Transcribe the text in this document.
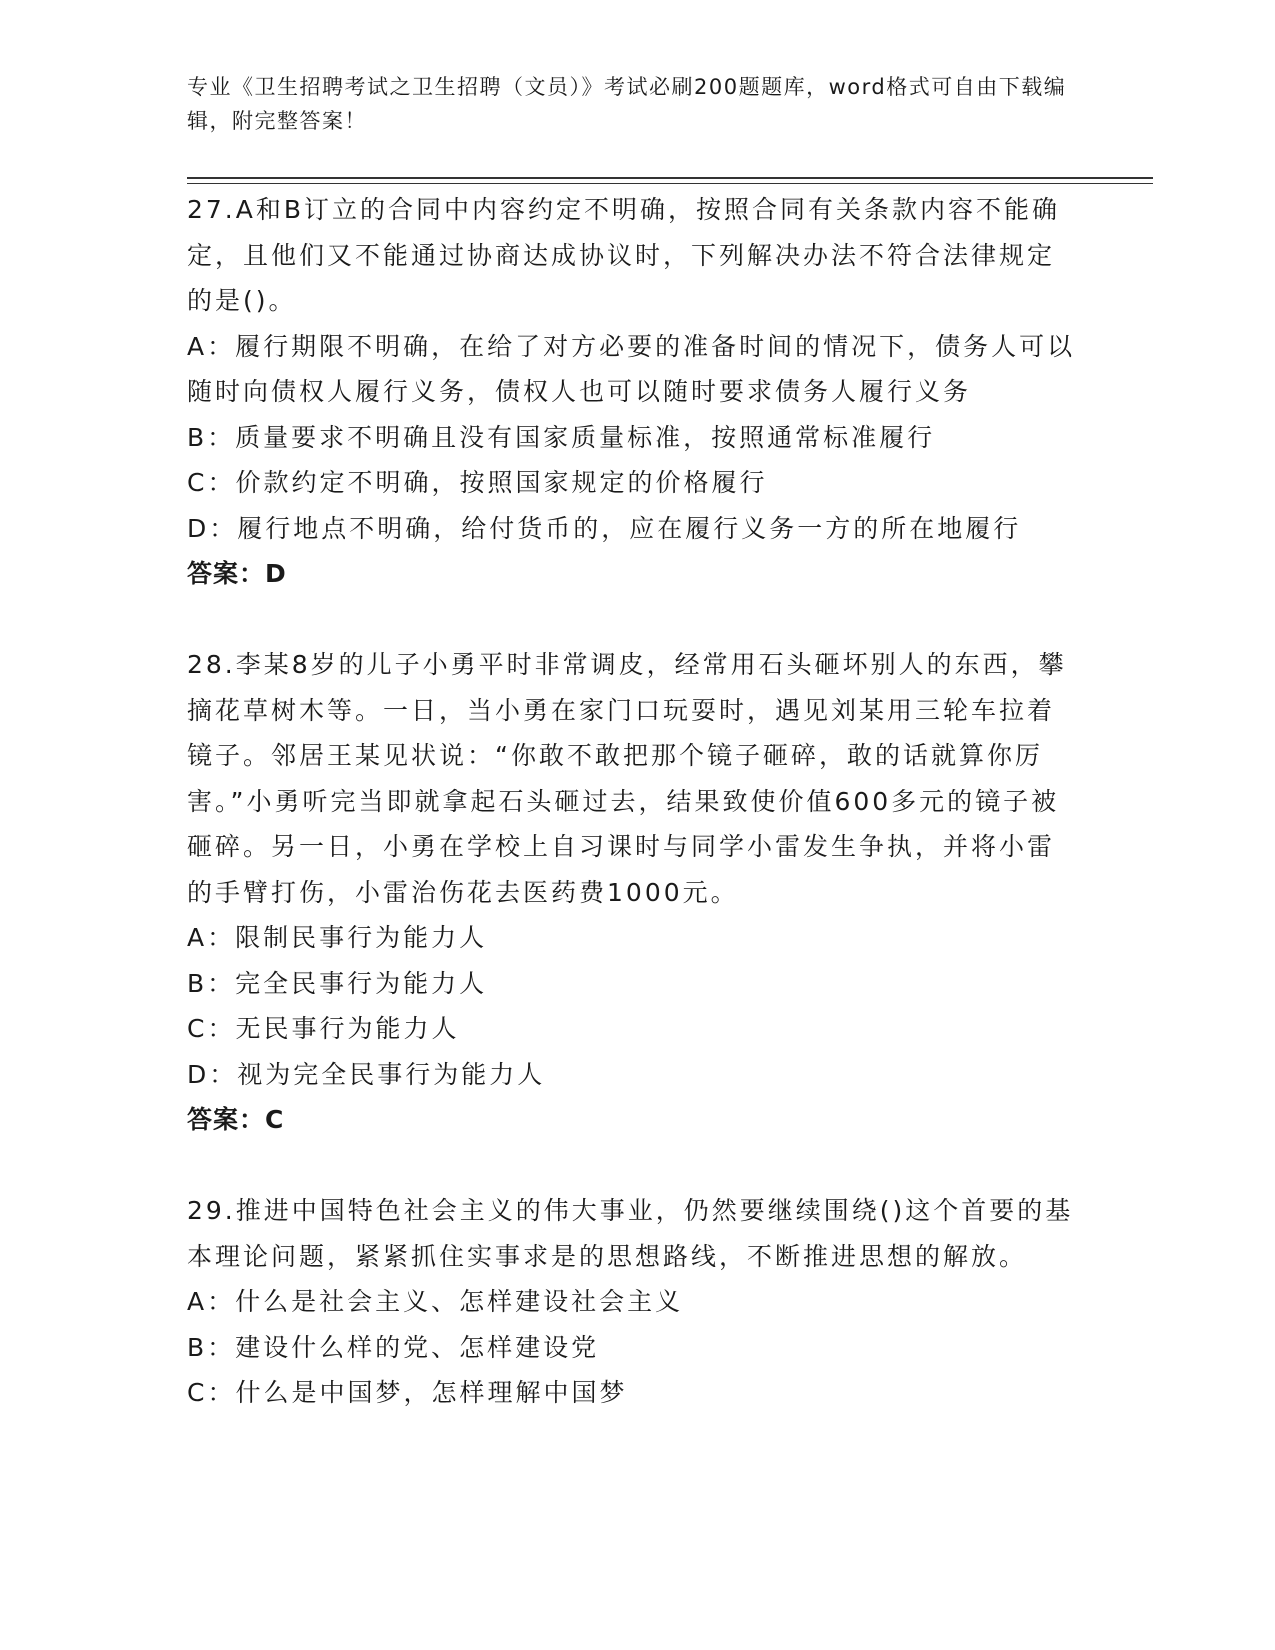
专业《卫生招聘考试之卫生招聘（文员）》考试必刷200题题库，word格式可自由下载编辑，附完整答案！

27.A和B订立的合同中内容约定不明确，按照合同有关条款内容不能确定，且他们又不能通过协商达成协议时，下列解决办法不符合法律规定的是()。

A：履行期限不明确，在给了对方必要的准备时间的情况下，债务人可以随时向债权人履行义务，债权人也可以随时要求债务人履行义务

B：质量要求不明确且没有国家质量标准，按照通常标准履行

C：价款约定不明确，按照国家规定的价格履行

D：履行地点不明确，给付货币的，应在履行义务一方的所在地履行

答案：D

28.李某8岁的儿子小勇平时非常调皮，经常用石头砸坏别人的东西，攀摘花草树木等。一日，当小勇在家门口玩耍时，遇见刘某用三轮车拉着镜子。邻居王某见状说：“你敢不敢把那个镜子砸碎，敢的话就算你厉害。”小勇听完当即就拿起石头砸过去，结果致使价值600多元的镜子被砸碎。另一日，小勇在学校上自习课时与同学小雷发生争执，并将小雷的手臂打伤，小雷治伤花去医药费1000元。

A：限制民事行为能力人

B：完全民事行为能力人

C：无民事行为能力人

D：视为完全民事行为能力人

答案：C

29.推进中国特色社会主义的伟大事业，仍然要继续围绕()这个首要的基本理论问题，紧紧抓住实事求是的思想路线，不断推进思想的解放。

A：什么是社会主义、怎样建设社会主义

B：建设什么样的党、怎样建设党

C：什么是中国梦，怎样理解中国梦
